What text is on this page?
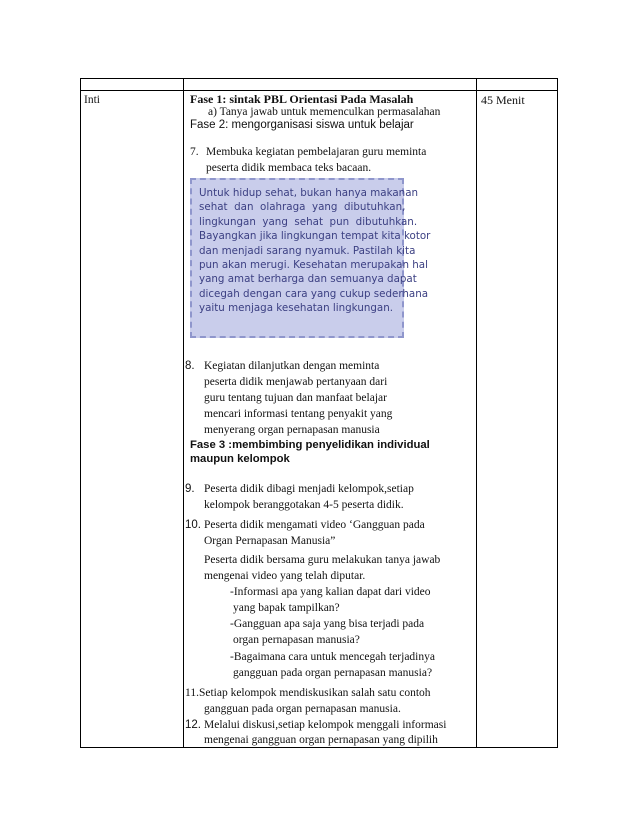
Inti	45 Menit
Fase 1: sintak PBL Orientasi Pada Masalah
a) Tanya jawab untuk memenculkan permasalahan
Fase 2: mengorganisasi siswa untuk belajar
7. Membuka kegiatan pembelajaran guru meminta
peserta didik membaca teks bacaan.
Untuk hidup sehat, bukan hanya makanan
sehat  dan  olahraga  yang  dibutuhkan,
lingkungan  yang  sehat  pun  dibutuhkan.
Bayangkan jika lingkungan tempat kita kotor
dan menjadi sarang nyamuk. Pastilah kita
pun akan merugi. Kesehatan merupakan hal
yang amat berharga dan semuanya dapat
dicegah dengan cara yang cukup sederhana
yaitu menjaga kesehatan lingkungan.
8. Kegiatan dilanjutkan dengan meminta
peserta didik menjawab pertanyaan dari
guru tentang tujuan dan manfaat belajar
mencari informasi tentang penyakit yang
menyerang organ pernapasan manusia
Fase 3 :membimbing penyelidikan individual
maupun kelompok
9. Peserta didik dibagi menjadi kelompok,setiap
kelompok beranggotakan 4-5 peserta didik.
10. Peserta didik mengamati video ‘Gangguan pada
Organ Pernapasan Manusia”
Peserta didik bersama guru melakukan tanya jawab
mengenai video yang telah diputar.
-Informasi apa yang kalian dapat dari video
yang bapak tampilkan?
-Gangguan apa saja yang bisa terjadi pada
organ pernapasan manusia?
-Bagaimana cara untuk mencegah terjadinya
gangguan pada organ pernapasan manusia?
11.Setiap kelompok mendiskusikan salah satu contoh
gangguan pada organ pernapasan manusia.
12. Melalui diskusi,setiap kelompok menggali informasi
mengenai gangguan organ pernapasan yang dipilih
